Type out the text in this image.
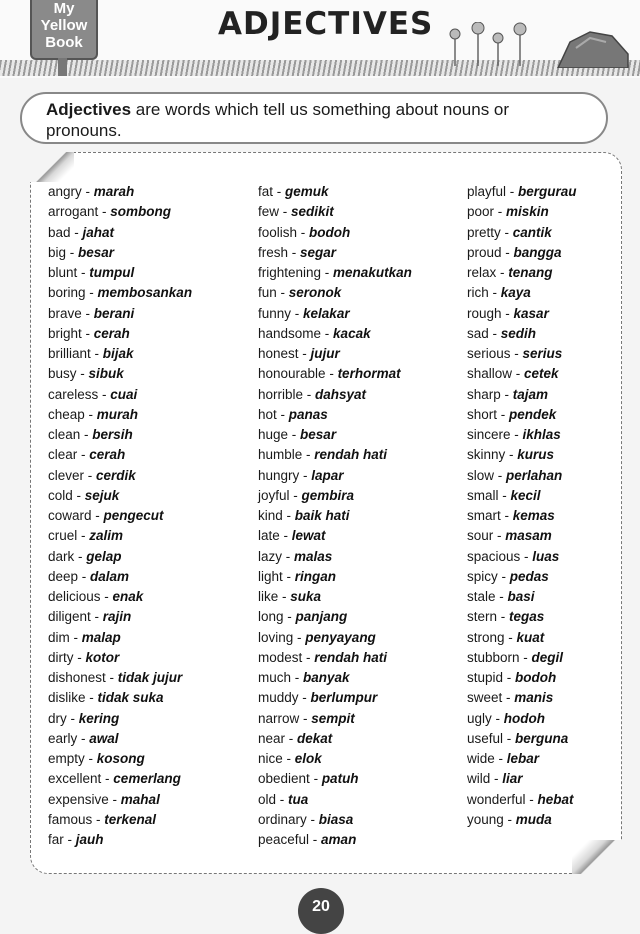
My
Yellow
Book
ADJECTIVES
Adjectives are words which tell us something about nouns or pronouns.
angry - marah
arrogant - sombong
bad - jahat
big - besar
blunt - tumpul
boring - membosankan
brave - berani
bright - cerah
brilliant - bijak
busy - sibuk
careless - cuai
cheap - murah
clean - bersih
clear - cerah
clever - cerdik
cold - sejuk
coward - pengecut
cruel - zalim
dark - gelap
deep - dalam
delicious - enak
diligent - rajin
dim - malap
dirty - kotor
dishonest - tidak jujur
dislike - tidak suka
dry - kering
early - awal
empty - kosong
excellent - cemerlang
expensive - mahal
famous - terkenal
far - jauh
fat - gemuk
few - sedikit
foolish - bodoh
fresh - segar
frightening - menakutkan
fun - seronok
funny - kelakar
handsome - kacak
honest - jujur
honourable - terhormat
horrible - dahsyat
hot - panas
huge - besar
humble - rendah hati
hungry - lapar
joyful - gembira
kind - baik hati
late - lewat
lazy - malas
light - ringan
like - suka
long - panjang
loving - penyayang
modest - rendah hati
much - banyak
muddy - berlumpur
narrow - sempit
near - dekat
nice - elok
obedient - patuh
old - tua
ordinary - biasa
peaceful - aman
playful - bergurau
poor - miskin
pretty - cantik
proud - bangga
relax - tenang
rich - kaya
rough - kasar
sad - sedih
serious - serius
shallow - cetek
sharp - tajam
short - pendek
sincere - ikhlas
skinny - kurus
slow - perlahan
small - kecil
smart - kemas
sour - masam
spacious - luas
spicy - pedas
stale - basi
stern - tegas
strong - kuat
stubborn - degil
stupid - bodoh
sweet - manis
ugly - hodoh
useful - berguna
wide - lebar
wild - liar
wonderful - hebat
young - muda
20
